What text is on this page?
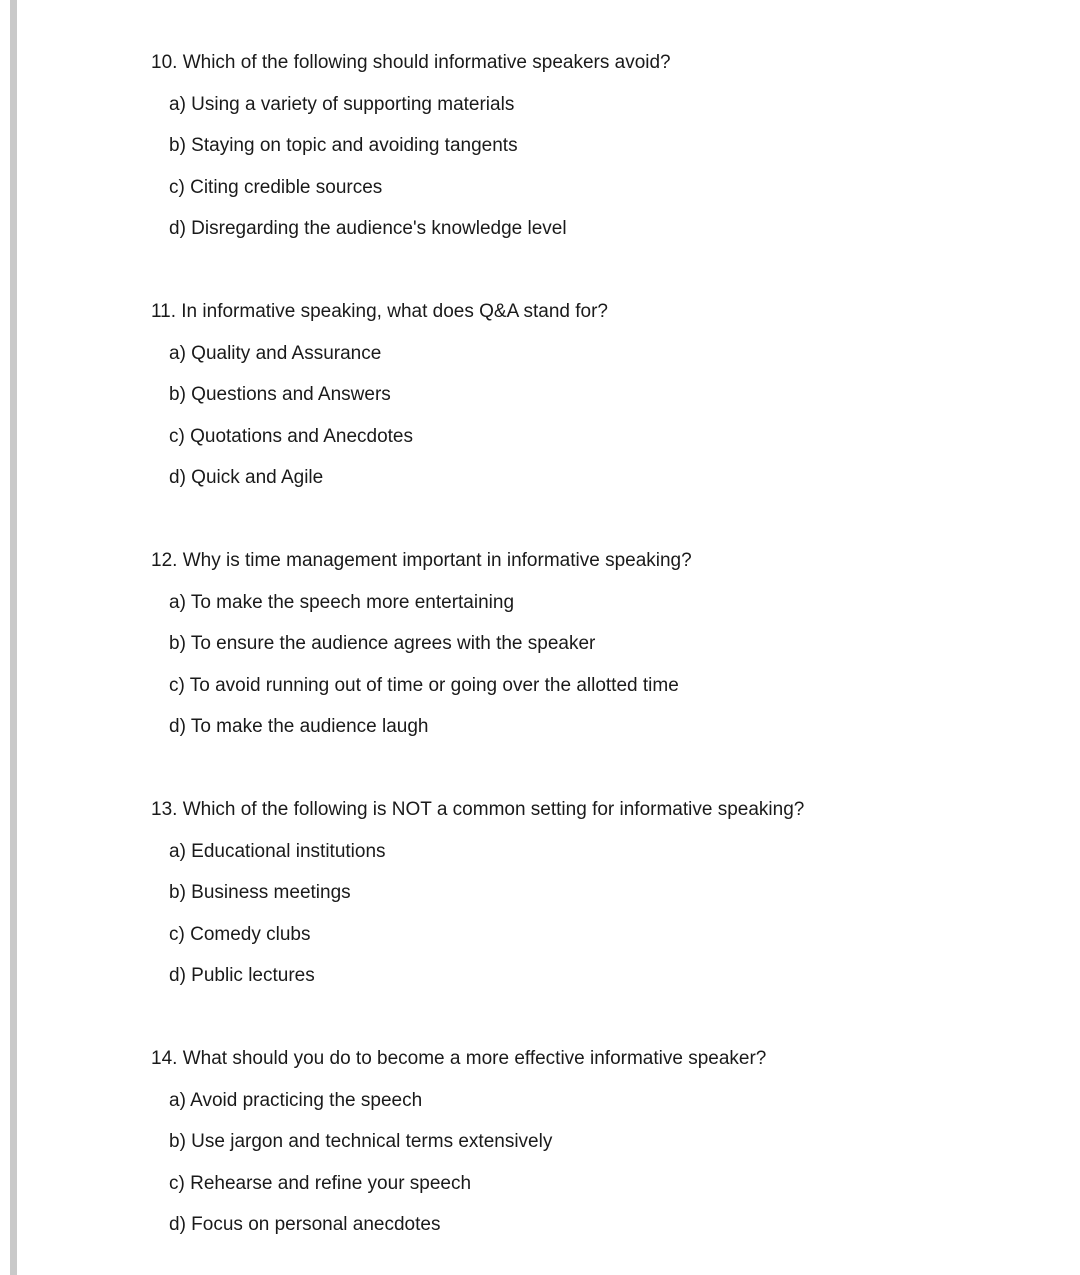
10. Which of the following should informative speakers avoid?

a) Using a variety of supporting materials

b) Staying on topic and avoiding tangents

c) Citing credible sources

d) Disregarding the audience's knowledge level

11. In informative speaking, what does Q&A stand for?

a) Quality and Assurance

b) Questions and Answers

c) Quotations and Anecdotes

d) Quick and Agile

12. Why is time management important in informative speaking?

a) To make the speech more entertaining

b) To ensure the audience agrees with the speaker

c) To avoid running out of time or going over the allotted time

d) To make the audience laugh

13. Which of the following is NOT a common setting for informative speaking?

a) Educational institutions

b) Business meetings

c) Comedy clubs

d) Public lectures

14. What should you do to become a more effective informative speaker?

a) Avoid practicing the speech

b) Use jargon and technical terms extensively

c) Rehearse and refine your speech

d) Focus on personal anecdotes
